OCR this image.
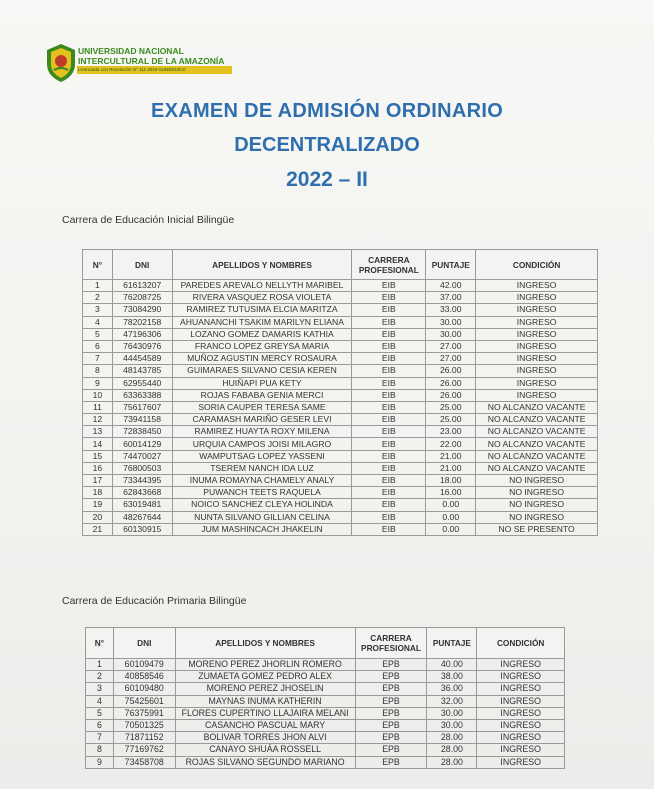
UNIVERSIDAD NACIONAL
INTERCULTURAL DE LA AMAZONÍA
Licenciada con Resolución N° 111-2019-SUNEDU/CD
EXAMEN DE ADMISIÓN ORDINARIO
DECENTRALIZADO
2022 – II
Carrera de Educación Inicial Bilingüe
N°	DNI	APELLIDOS Y NOMBRES	CARRERA PROFESIONAL	PUNTAJE	CONDICIÓN
1	61613207	PAREDES AREVALO NELLYTH MARIBEL	EIB	42.00	INGRESO
2	76208725	RIVERA VASQUEZ ROSA VIOLETA	EIB	37.00	INGRESO
3	73084290	RAMIREZ TUTUSIMA ELCIA MARITZA	EIB	33.00	INGRESO
4	78202158	AHUANANCHI TSAKIM MARILYN ELIANA	EIB	30.00	INGRESO
5	47196306	LOZANO GOMEZ DAMARIS KATHIA	EIB	30.00	INGRESO
6	76430976	FRANCO LOPEZ GREYSA MARIA	EIB	27.00	INGRESO
7	44454589	MUÑOZ AGUSTIN MERCY ROSAURA	EIB	27.00	INGRESO
8	48143785	GUIMARAES SILVANO CESIA KEREN	EIB	26.00	INGRESO
9	62955440	HUIÑAPI PUA KETY	EIB	26.00	INGRESO
10	63363388	ROJAS FABABA GENIA MERCI	EIB	26.00	INGRESO
11	75617607	SORIA CAUPER TERESA SAME	EIB	25.00	NO ALCANZO VACANTE
12	73941158	CARAMASH MARIÑO GESER LEVI	EIB	25.00	NO ALCANZO VACANTE
13	72838450	RAMIREZ HUAYTA ROXY MILENA	EIB	23.00	NO ALCANZO VACANTE
14	60014129	URQUIA CAMPOS JOISI MILAGRO	EIB	22.00	NO ALCANZO VACANTE
15	74470027	WAMPUTSAG LOPEZ YASSENI	EIB	21.00	NO ALCANZO VACANTE
16	76800503	TSEREM NANCH IDA LUZ	EIB	21.00	NO ALCANZO VACANTE
17	73344395	INUMA ROMAYNA CHAMELY ANALY	EIB	18.00	NO INGRESO
18	62843668	PUWANCH TEETS RAQUELA	EIB	16.00	NO INGRESO
19	63019481	NOICO SANCHEZ CLEYA HOLINDA	EIB	0.00	NO INGRESO
20	48267644	NUNTA SILVANO GILLIAN CELINA	EIB	0.00	NO INGRESO
21	60130915	JUM MASHINCACH JHAKELIN	EIB	0.00	NO SE PRESENTO
Carrera de Educación Primaria Bilingüe
N°	DNI	APELLIDOS Y NOMBRES	CARRERA PROFESIONAL	PUNTAJE	CONDICIÓN
1	60109479	MORENO PEREZ JHORLIN ROMERO	EPB	40.00	INGRESO
2	40858546	ZUMAETA GOMEZ PEDRO ALEX	EPB	38.00	INGRESO
3	60109480	MORENO PEREZ JHOSELIN	EPB	36.00	INGRESO
4	75425601	MAYNAS INUMA KATHERIN	EPB	32.00	INGRESO
5	76375991	FLORES CUPERTINO LLAJAIRA MELANI	EPB	30.00	INGRESO
6	70501325	CASANCHO PASCUAL MARY	EPB	30.00	INGRESO
7	71871152	BOLIVAR TORRES JHON ALVI	EPB	28.00	INGRESO
8	77169762	CANAYO SHUÁA ROSSELL	EPB	28.00	INGRESO
9	73458708	ROJAS SILVANO SEGUNDO MARIANO	EPB	28.00	INGRESO
